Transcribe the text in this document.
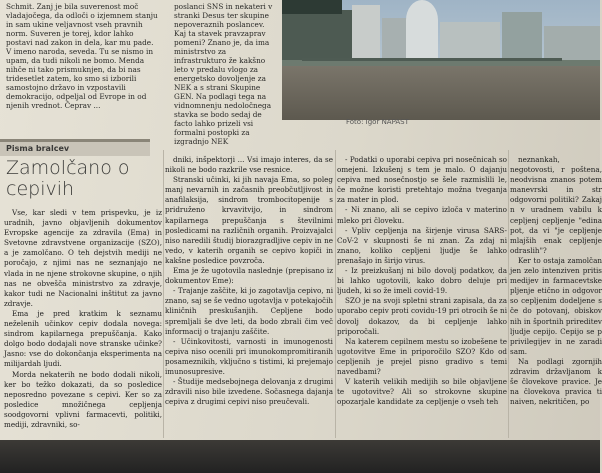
Schmit. Zanj je bila suverenost moč vladajočega, da odloči o izjemnem stanju in sam ukine veljavnost vseh pravnih norm. Suveren je torej, kdor lahko postavi nad zakon in dela, kar mu pade. V imeno naroda, seveda. Tu se nismo in upam, da tudi nikoli ne bomo. Menda nihče ni tako prismuknjen, da bi nas tridesetlet zatem, ko smo si izborili samostojno državo in vzpostavili demokracijo, odpeljal od Evrope in od njenih vrednot. Čeprav ...
poslanci SNS in nekateri v stranki Desus ter skupine nepoveraznih poslancev. Kaj ta stavek pravzaprav pomeni? Znano je, da ima ministrstvo za infrastrukturo že kakšno leto v predalu vlogo za energetsko dovoljenje za NEK a s strani Skupine GEN. Na podlagi tega na vidnomnenju nedoločnega stavka se bodo sedaj de facto lahko prizeli vsi formalni postopki za izgradnjo NEK
Foto: Igor NAPAST
Pisma bralcev
Zamolčano o cepivih

Vse, kar sledi v tem prispevku, je iz uradnih, javno objavljenih dokumentov Evropske agencije za zdravila (Ema) in Svetovne zdravstvene organizacije (SZO), a je zamolčano. O teh dejstvih mediji ne poročajo, z njimi nas ne seznanjajo ne vlada in ne njene strokovne skupine, o njih nas ne obvešča ministrstvo za zdravje, kakor tudi ne Nacionalni inštitut za javno zdravje.

Ema je pred kratkim k seznamu neželenih učinkov cepiv dodala novega: sindrom kapilarnega prepuščanja. Kako dolgo bodo dodajali nove stranske učinke? Jasno: vse do dokončanja eksperimenta na milijardah ljudi.

Morda nekaterih ne bodo dodali nikoli, ker bo težko dokazati, da so posledice neposredno povezane s cepivi. Ker so za posledice množičnega cepljenja soodgovorni vplivni farmacevti, politiki, mediji, zdravniki, so-

dniki, inšpektorji ... Vsi imajo interes, da se nikoli ne bodo razkrile vse resnice.

Stranski učinki, ki jih navaja Ema, so poleg manj nevarnih in začasnih preobčutljivost in anafilaksija, sindrom trombocitopenije s pridruženo krvavitvijo, in sindrom kapilarnega prepuščanja s številnimi posledicami na različnih organih. Proizvajalci niso naredili študij biorazgradljive cepiv in ne vedo, v katerih organih se cepivo kopiči in kakšne posledice povzroča.

Ema je že ugotovila naslednje (prepisano iz dokumentov Eme):

- Trajanje zaščite, ki jo zagotavlja cepivo, ni znano, saj se še vedno ugotavlja v potekajočih kliničnih preskušanjih. Cepljene bodo spremljali še dve leti, da bodo zbrali čim več informacij o trajanju zaščite.

- Učinkovitosti, varnosti in imunogenosti cepiva niso ocenili pri imunokompromitiranih posameznikih, vključno s tistimi, ki prejemajo imunosupresive.

- Študije medsebojnega delovanja z drugimi zdravili niso bile izvedene. Sočasnega dajanja cepiva z drugimi cepivi niso preučevali.

- Podatki o uporabi cepiva pri nosečnicah so omejeni. Izkušenj s tem je malo. O dajanju cepiva med nosečnostjo se šele razmislili le, če možne koristi pretehtajo možna tveganja za mater in plod.

- Ni znano, ali se cepivo izloča v materino mleko pri človeku.

- Vpliv cepljenja na širjenje virusa SARS-CoV-2 v skupnosti še ni znan. Za zdaj ni znano, koliko cepljeni ljudje še lahko prenašajo in širijo virus.

- Iz preizkušanj ni bilo dovolj podatkov, da bi lahko ugotovili, kako dobro deluje pri ljudeh, ki so že imeli covid-19.

SZO je na svoji spletni strani zapisala, da za uporabo cepiv proti covidu-19 pri otrocih še ni dovolj dokazov, da bi cepljenje lahko priporočali.

Na katerem cepilnem mestu so izobešene te ugotovitve Eme in priporočilo SZO? Kdo od cepljenih je prejel pisno gradivo s temi navedbami?

V katerih velikih medijih so bile objavljene te ugotovitve? Ali so strokovne skupine opozarjale kandidate za cepljenje o vseh teh

neznankah, negotovosti, r poštena, neodvisna znanos potem manevrski in str odgovorni politiki? Zakaj n v uradnem vabilu k cepljenj cepljenje "edina pot, da vi "je cepljenje mlajših enak cepljenje odraslih"?

Ker to ostaja zamolčan jen zelo intenziven pritis medijev in farmacevtske pljenje etično in odgovor so cepljenim dodeljene s če do potovanj, obiskov nih in športnih prireditev ljudje cepijo. Cepijo se p privilegijev in ne zaradi sam.

Na podlagi zgornjih zdravim državljanom k še človekove pravice. Je na človekova pravica ti naiven, nekritičen, po
